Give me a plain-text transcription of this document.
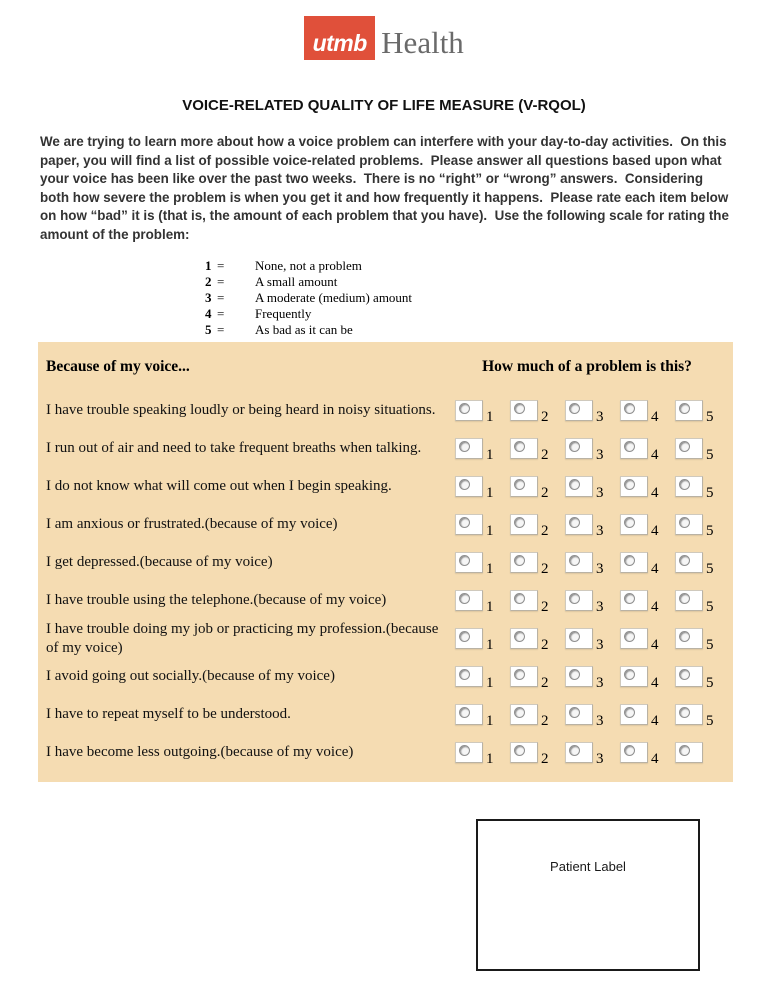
utmb Health
VOICE-RELATED QUALITY OF LIFE MEASURE (V-RQOL)
We are trying to learn more about how a voice problem can interfere with your day-to-day activities.  On this paper, you will find a list of possible voice-related problems.  Please answer all questions based upon what your voice has been like over the past two weeks.  There is no “right” or “wrong” answers.  Considering both how severe the problem is when you get it and how frequently it happens.  Please rate each item below on how “bad” it is (that is, the amount of each problem that you have).  Use the following scale for rating the amount of the problem:
1 =	None, not a problem
2 =	A small amount
3 =	A moderate (medium) amount
4 =	Frequently
5 =	As bad as it can be
Because of my voice...	How much of a problem is this?
I have trouble speaking loudly or being heard in noisy situations.	1	2	3	4	5
I run out of air and need to take frequent breaths when talking.	1	2	3	4	5
I do not know what will come out when I begin speaking.	1	2	3	4	5
I am anxious or frustrated.(because of my voice)	1	2	3	4	5
I get depressed.(because of my voice)	1	2	3	4	5
I have trouble using the telephone.(because of my voice)	1	2	3	4	5
I have trouble doing my job or practicing my profession.(because of my voice)	1	2	3	4	5
I avoid going out socially.(because of my voice)	1	2	3	4	5
I have to repeat myself to be understood.	1	2	3	4	5
I have become less outgoing.(because of my voice)	1	2	3	4
Patient Label
